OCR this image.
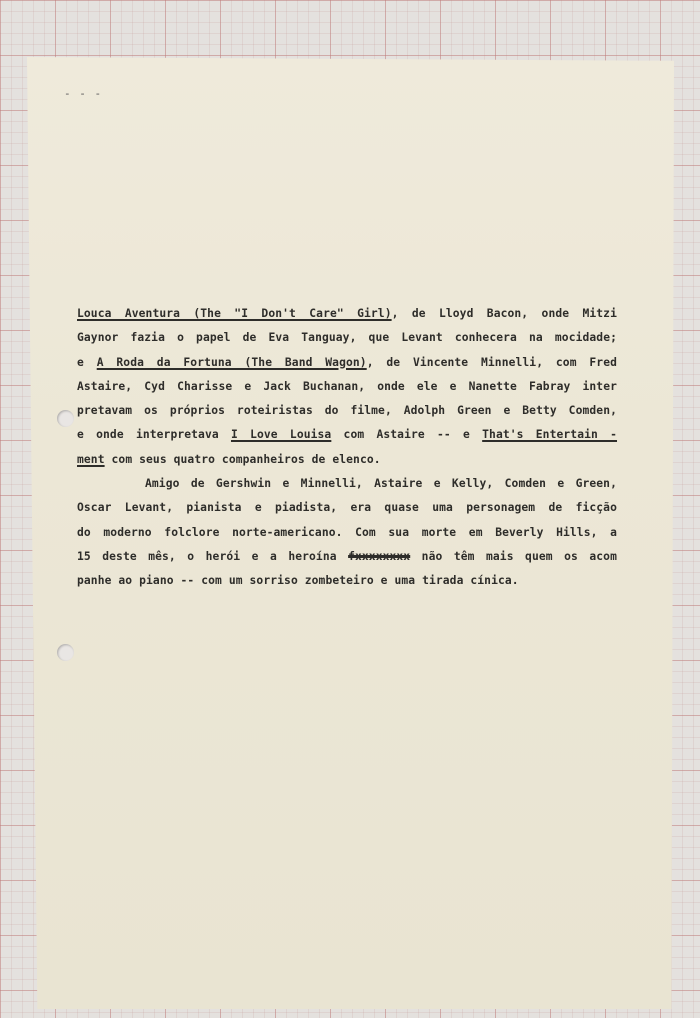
- - -
Louca Aventura (The "I Don't Care" Girl), de Lloyd Bacon, onde Mitzi
Gaynor fazia o papel de Eva Tanguay, que Levant conhecera na mocidade;
e A Roda da Fortuna (The Band Wagon), de Vincente Minnelli, com Fred
Astaire, Cyd Charisse e Jack Buchanan, onde ele e Nanette Fabray inter
pretavam os próprios roteiristas do filme, Adolph Green e Betty Comden,
e onde interpretava I Love Louisa com Astaire -- e That's Entertain -
ment com seus quatro companheiros de elenco.
Amigo de Gershwin e Minnelli, Astaire e Kelly, Comden e Green,
Oscar Levant, pianista e piadista, era quase uma personagem de ficção
do moderno folclore norte-americano. Com sua morte em Beverly Hills, a
15 deste mês, o herói e a heroína fxxxxxxxx não têm mais quem os acom
panhe ao piano -- com um sorriso zombeteiro e uma tirada cínica.
